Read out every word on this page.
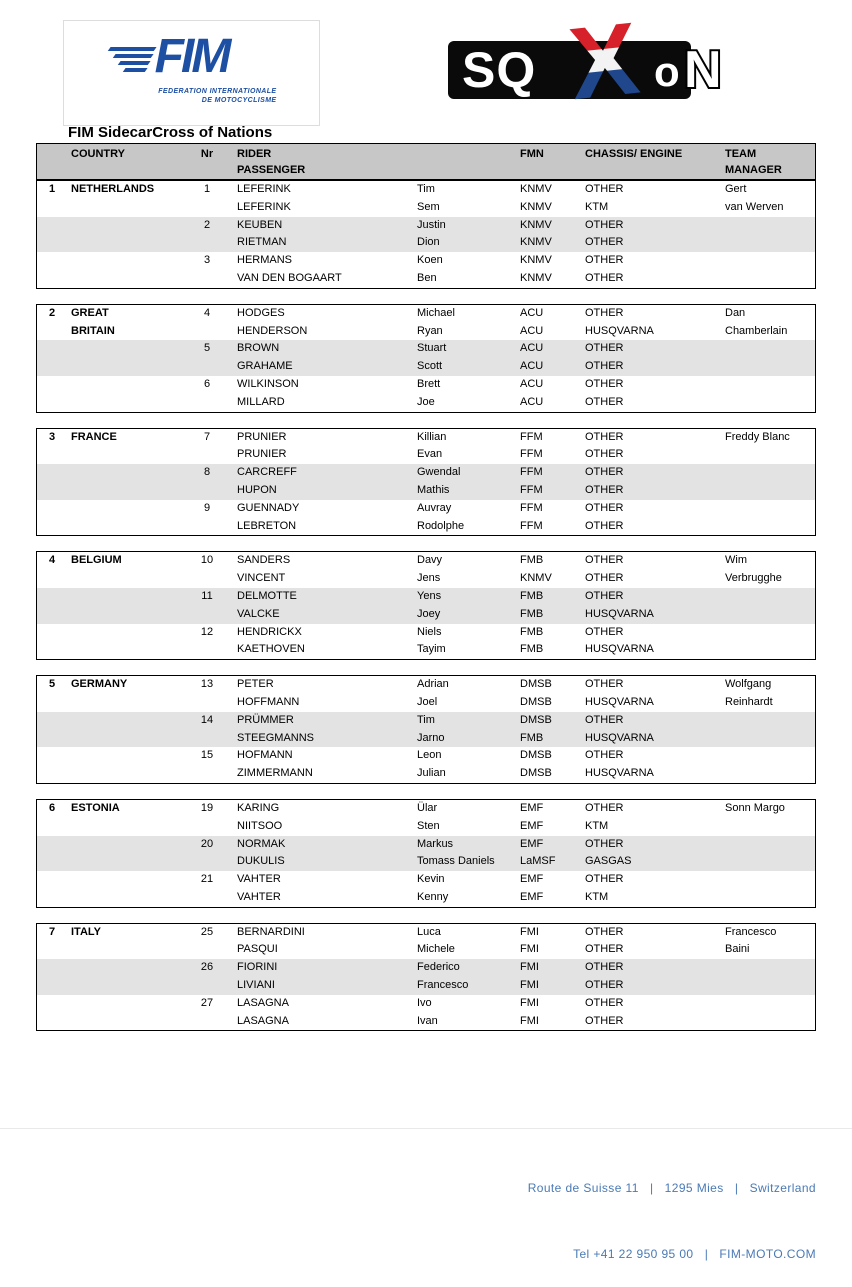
FIM
FEDERATION INTERNATIONALE
DE MOTOCYCLISME
SQ X o N
FIM SidecarCross of Nations
COUNTRY	Nr	RIDER
PASSENGER
FMN	CHASSIS/ ENGINE	TEAM
MANAGER
1	NETHERLANDS	1	LEFERINK	Tim	KNMV	OTHER	Gert
LEFERINK	Sem	KNMV	KTM	van Werven
2	KEUBEN	Justin	KNMV	OTHER
RIETMAN	Dion	KNMV	OTHER
3	HERMANS	Koen	KNMV	OTHER
VAN DEN BOGAART	Ben	KNMV	OTHER
2	GREAT	4	HODGES	Michael	ACU	OTHER	Dan
BRITAIN	HENDERSON	Ryan	ACU	HUSQVARNA	Chamberlain
5	BROWN	Stuart	ACU	OTHER
GRAHAME	Scott	ACU	OTHER
6	WILKINSON	Brett	ACU	OTHER
MILLARD	Joe	ACU	OTHER
3	FRANCE	7	PRUNIER	Killian	FFM	OTHER	Freddy Blanc
PRUNIER	Evan	FFM	OTHER
8	CARCREFF	Gwendal	FFM	OTHER
HUPON	Mathis	FFM	OTHER
9	GUENNADY	Auvray	FFM	OTHER
LEBRETON	Rodolphe	FFM	OTHER
4	BELGIUM	10	SANDERS	Davy	FMB	OTHER	Wim
VINCENT	Jens	KNMV	OTHER	Verbrugghe
11	DELMOTTE	Yens	FMB	OTHER
VALCKE	Joey	FMB	HUSQVARNA
12	HENDRICKX	Niels	FMB	OTHER
KAETHOVEN	Tayim	FMB	HUSQVARNA
5	GERMANY	13	PETER	Adrian	DMSB	OTHER	Wolfgang
HOFFMANN	Joel	DMSB	HUSQVARNA	Reinhardt
14	PRÜMMER	Tim	DMSB	OTHER
STEEGMANNS	Jarno	FMB	HUSQVARNA
15	HOFMANN	Leon	DMSB	OTHER
ZIMMERMANN	Julian	DMSB	HUSQVARNA
6	ESTONIA	19	KARING	Ülar	EMF	OTHER	Sonn Margo
NIITSOO	Sten	EMF	KTM
20	NORMAK	Markus	EMF	OTHER
DUKULIS	Tomass Daniels	LaMSF	GASGAS
21	VAHTER	Kevin	EMF	OTHER
VAHTER	Kenny	EMF	KTM
7	ITALY	25	BERNARDINI	Luca	FMI	OTHER	Francesco
PASQUI	Michele	FMI	OTHER	Baini
26	FIORINI	Federico	FMI	OTHER
LIVIANI	Francesco	FMI	OTHER
27	LASAGNA	Ivo	FMI	OTHER
LASAGNA	Ivan	FMI	OTHER

Route de Suisse 11   |   1295 Mies   |   Switzerland

Tel +41 22 950 95 00   |   FIM-MOTO.COM
